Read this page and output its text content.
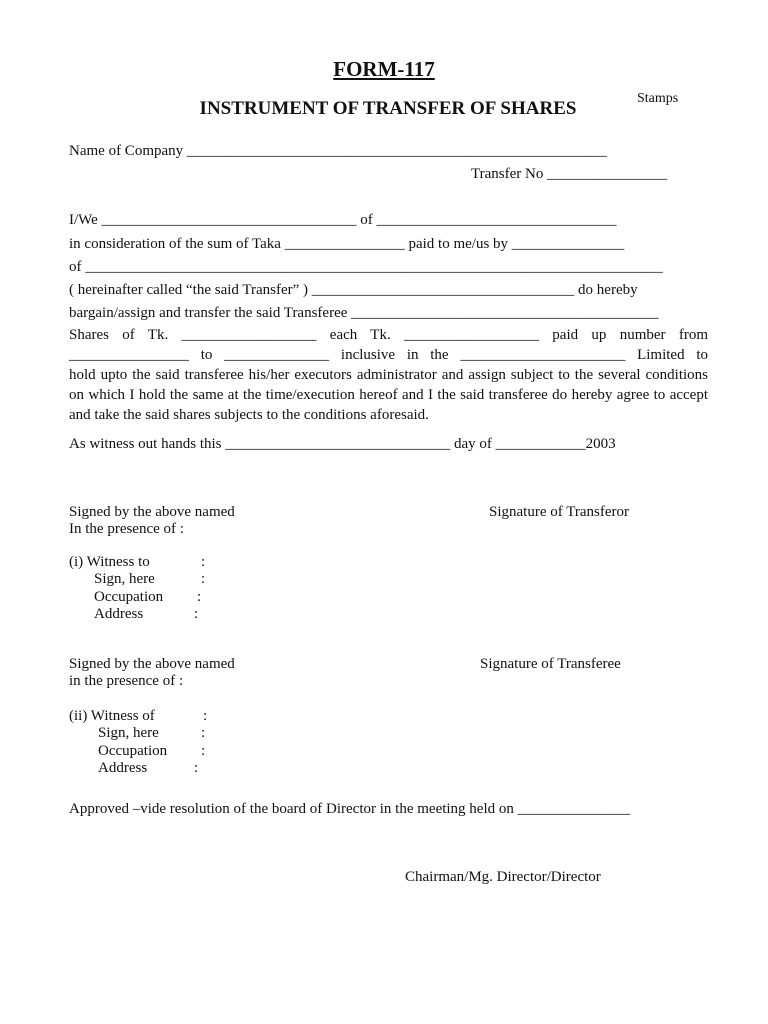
FORM-117
INSTRUMENT OF TRANSFER OF SHARES	Stamps
Name of Company ________________________________________________________
Transfer No ________________
I/We __________________________________ of ________________________________
in consideration of the sum of Taka ________________ paid to me/us by _______________
of _____________________________________________________________________________
( hereinafter called “the said Transfer” ) ___________________________________ do hereby
bargain/assign and transfer the said Transferee _________________________________________
Shares of Tk. __________________ each Tk. __________________ paid up number from
________________ to ______________ inclusive in the ______________________ Limited to
hold upto the said transferee his/her executors administrator and assign subject to the several conditions on which I hold the same at the time/execution hereof and I the said transferee do hereby agree to accept and take the said shares subjects to the conditions aforesaid.
As witness out hands this ______________________________ day of ____________2003
Signed by the above named
In the presence of :
Signature of Transferor
(i) Witness to
Sign, here
Occupation
Address
:
:
:
:
Signed by the above named
in the presence of :
Signature of Transferee
(ii) Witness of
Sign, here
Occupation
Address
:
:
:
:
Approved –vide resolution of the board of Director in the meeting held on _______________
Chairman/Mg. Director/Director
